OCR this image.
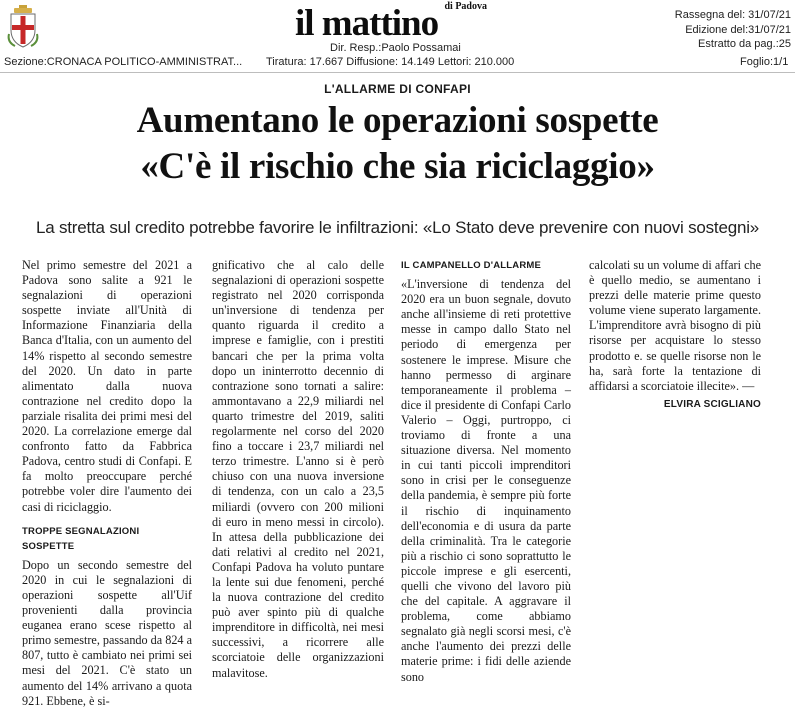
di Padova
il mattino
Dir. Resp.:Paolo Possamai
Rassegna del: 31/07/21
Edizione del:31/07/21
Estratto da pag.:25
Sezione:CRONACA POLITICO-AMMINISTRAT... Tiratura: 17.667 Diffusione: 14.149 Lettori: 210.000	Foglio:1/1
L'ALLARME DI CONFAPI
Aumentano le operazioni sospette
«C'è il rischio che sia riciclaggio»
La stretta sul credito potrebbe favorire le infiltrazioni: «Lo Stato deve prevenire con nuovi sostegni»

Nel primo semestre del 2021 a Padova sono salite a 921 le segnalazioni di operazioni sospette inviate all'Unità di Informazione Finanziaria della Banca d'Italia, con un aumento del 14% rispetto al secondo semestre del 2020. Un dato in parte alimentato dalla nuova contrazione nel credito dopo la parziale risalita dei primi mesi del 2020. La correlazione emerge dal confronto fatto da Fabbrica Padova, centro studi di Confapi. E fa molto preoccupare perché potrebbe voler dire l'aumento dei casi di riciclaggio.

TROPPE SEGNALAZIONI SOSPETTE

Dopo un secondo semestre del 2020 in cui le segnalazioni di operazioni sospette all'Uif provenienti dalla provincia euganea erano scese rispetto al primo semestre, passando da 824 a 807, tutto è cambiato nei primi sei mesi del 2021. C'è stato un aumento del 14% arrivano a quota 921. Ebbene, è si-

gnificativo che al calo delle segnalazioni di operazioni sospette registrato nel 2020 corrisponda un'inversione di tendenza per quanto riguarda il credito a imprese e famiglie, con i prestiti bancari che per la prima volta dopo un ininterrotto decennio di contrazione sono tornati a salire: ammontavano a 22,9 miliardi nel quarto trimestre del 2019, saliti regolarmente nel corso del 2020 fino a toccare i 23,7 miliardi nel terzo trimestre. L'anno si è però chiuso con una nuova inversione di tendenza, con un calo a 23,5 miliardi (ovvero con 200 milioni di euro in meno messi in circolo). In attesa della pubblicazione dei dati relativi al credito nel 2021, Confapi Padova ha voluto puntare la lente sui due fenomeni, perché la nuova contrazione del credito può aver spinto più di qualche imprenditore in difficoltà, nei mesi successivi, a ricorrere alle scorciatoie delle organizzazioni malavitose.

IL CAMPANELLO D'ALLARME

«L'inversione di tendenza del 2020 era un buon segnale, dovuto anche all'insieme di reti protettive messe in campo dallo Stato nel periodo di emergenza per sostenere le imprese. Misure che hanno permesso di arginare temporaneamente il problema – dice il presidente di Confapi Carlo Valerio – Oggi, purtroppo, ci troviamo di fronte a una situazione diversa. Nel momento in cui tanti piccoli imprenditori sono in crisi per le conseguenze della pandemia, è sempre più forte il rischio di inquinamento dell'economia e di usura da parte della criminalità. Tra le categorie più a rischio ci sono soprattutto le piccole imprese e gli esercenti, quelli che vivono del lavoro più che del capitale. A aggravare il problema, come abbiamo segnalato già negli scorsi mesi, c'è anche l'aumento dei prezzi delle materie prime: i fidi delle aziende sono

calcolati su un volume di affari che è quello medio, se aumentano i prezzi delle materie prime questo volume viene superato largamente. L'imprenditore avrà bisogno di più risorse per acquistare lo stesso prodotto e. se quelle risorse non le ha, sarà forte la tentazione di affidarsi a scorciatoie illecite». —

ELVIRA SCIGLIANO
